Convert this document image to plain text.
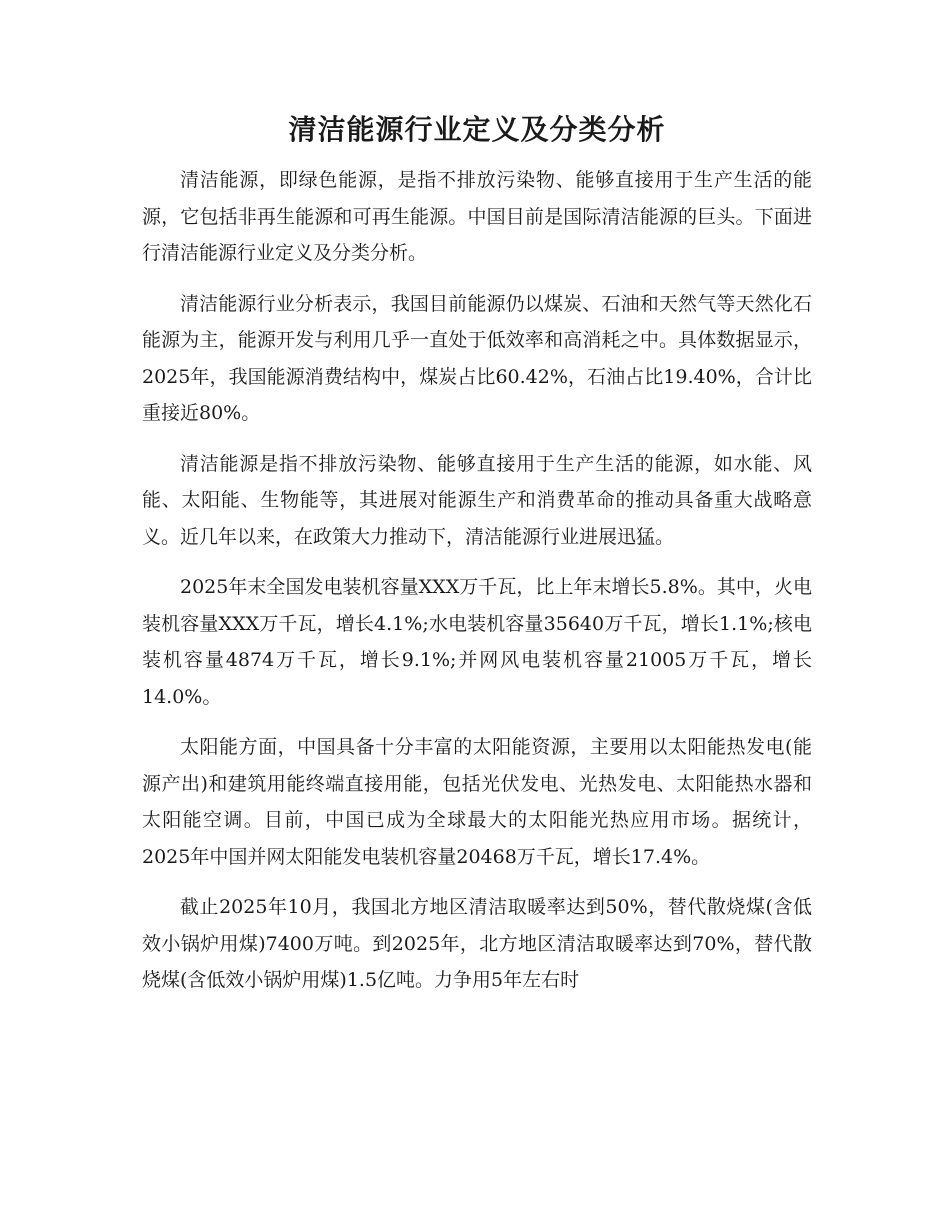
清洁能源行业定义及分类分析

清洁能源，即绿色能源，是指不排放污染物、能够直接用于生产生活的能源，它包括非再生能源和可再生能源。中国目前是国际清洁能源的巨头。下面进行清洁能源行业定义及分类分析。

清洁能源行业分析表示，我国目前能源仍以煤炭、石油和天然气等天然化石能源为主，能源开发与利用几乎一直处于低效率和高消耗之中。具体数据显示，2025年，我国能源消费结构中，煤炭占比60.42%，石油占比19.40%，合计比重接近80%。

清洁能源是指不排放污染物、能够直接用于生产生活的能源，如水能、风能、太阳能、生物能等，其进展对能源生产和消费革命的推动具备重大战略意义。近几年以来，在政策大力推动下，清洁能源行业进展迅猛。

2025年末全国发电装机容量XXX万千瓦，比上年末增长5.8%。其中，火电装机容量XXX万千瓦，增长4.1%;水电装机容量35640万千瓦，增长1.1%;核电装机容量4874万千瓦，增长9.1%;并网风电装机容量21005万千瓦，增长14.0%。

太阳能方面，中国具备十分丰富的太阳能资源，主要用以太阳能热发电(能源产出)和建筑用能终端直接用能，包括光伏发电、光热发电、太阳能热水器和太阳能空调。目前，中国已成为全球最大的太阳能光热应用市场。据统计，2025年中国并网太阳能发电装机容量20468万千瓦，增长17.4%。

截止2025年10月，我国北方地区清洁取暖率达到50%，替代散烧煤(含低效小锅炉用煤)7400万吨。到2025年，北方地区清洁取暖率达到70%，替代散烧煤(含低效小锅炉用煤)1.5亿吨。力争用5年左右时
